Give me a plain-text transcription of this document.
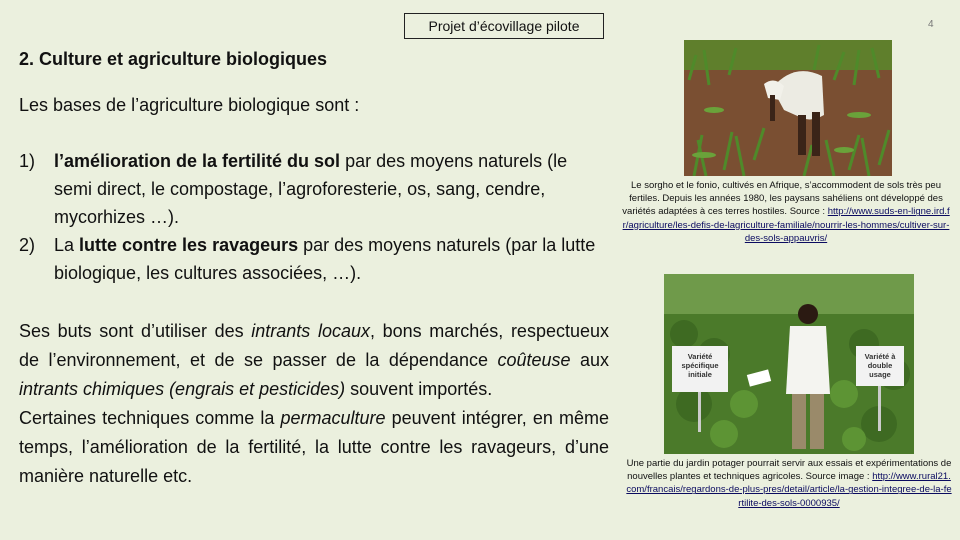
Projet d’écovillage pilote	4
2. Culture et agriculture biologiques
Les bases de l’agriculture biologique sont :
1) l’amélioration de la fertilité du sol par des moyens naturels (le semi direct, le compostage, l’agroforesterie, os, sang, cendre, mycorhizes …).
2) La lutte contre les ravageurs par des moyens naturels (par la lutte biologique, les cultures associées, …).
Ses buts sont d’utiliser des intrants locaux, bons marchés, respectueux de l’environnement, et de se passer de la dépendance coûteuse aux intrants chimiques (engrais et pesticides) souvent importés.
Certaines techniques comme la permaculture peuvent intégrer, en même temps, l’amélioration de la fertilité, la lutte contre les ravageurs, d’une manière naturelle etc.
Le sorgho et le fonio, cultivés en Afrique, s’accommodent de sols très peu fertiles. Depuis les années 1980, les paysans sahéliens ont développé des variétés adaptées à ces terres hostiles. Source : http://www.suds-en-ligne.ird.fr/agriculture/les-defis-de-lagriculture-familiale/nourrir-les-hommes/cultiver-sur-des-sols-appauvris/
Variété spécifique initiale
Variété à double usage
Une partie du jardin potager pourrait servir aux essais et expérimentations de nouvelles plantes et techniques agricoles. Source image : http://www.rural21.com/francais/regardons-de-plus-pres/detail/article/la-gestion-integree-de-la-fertilite-des-sols-0000935/
